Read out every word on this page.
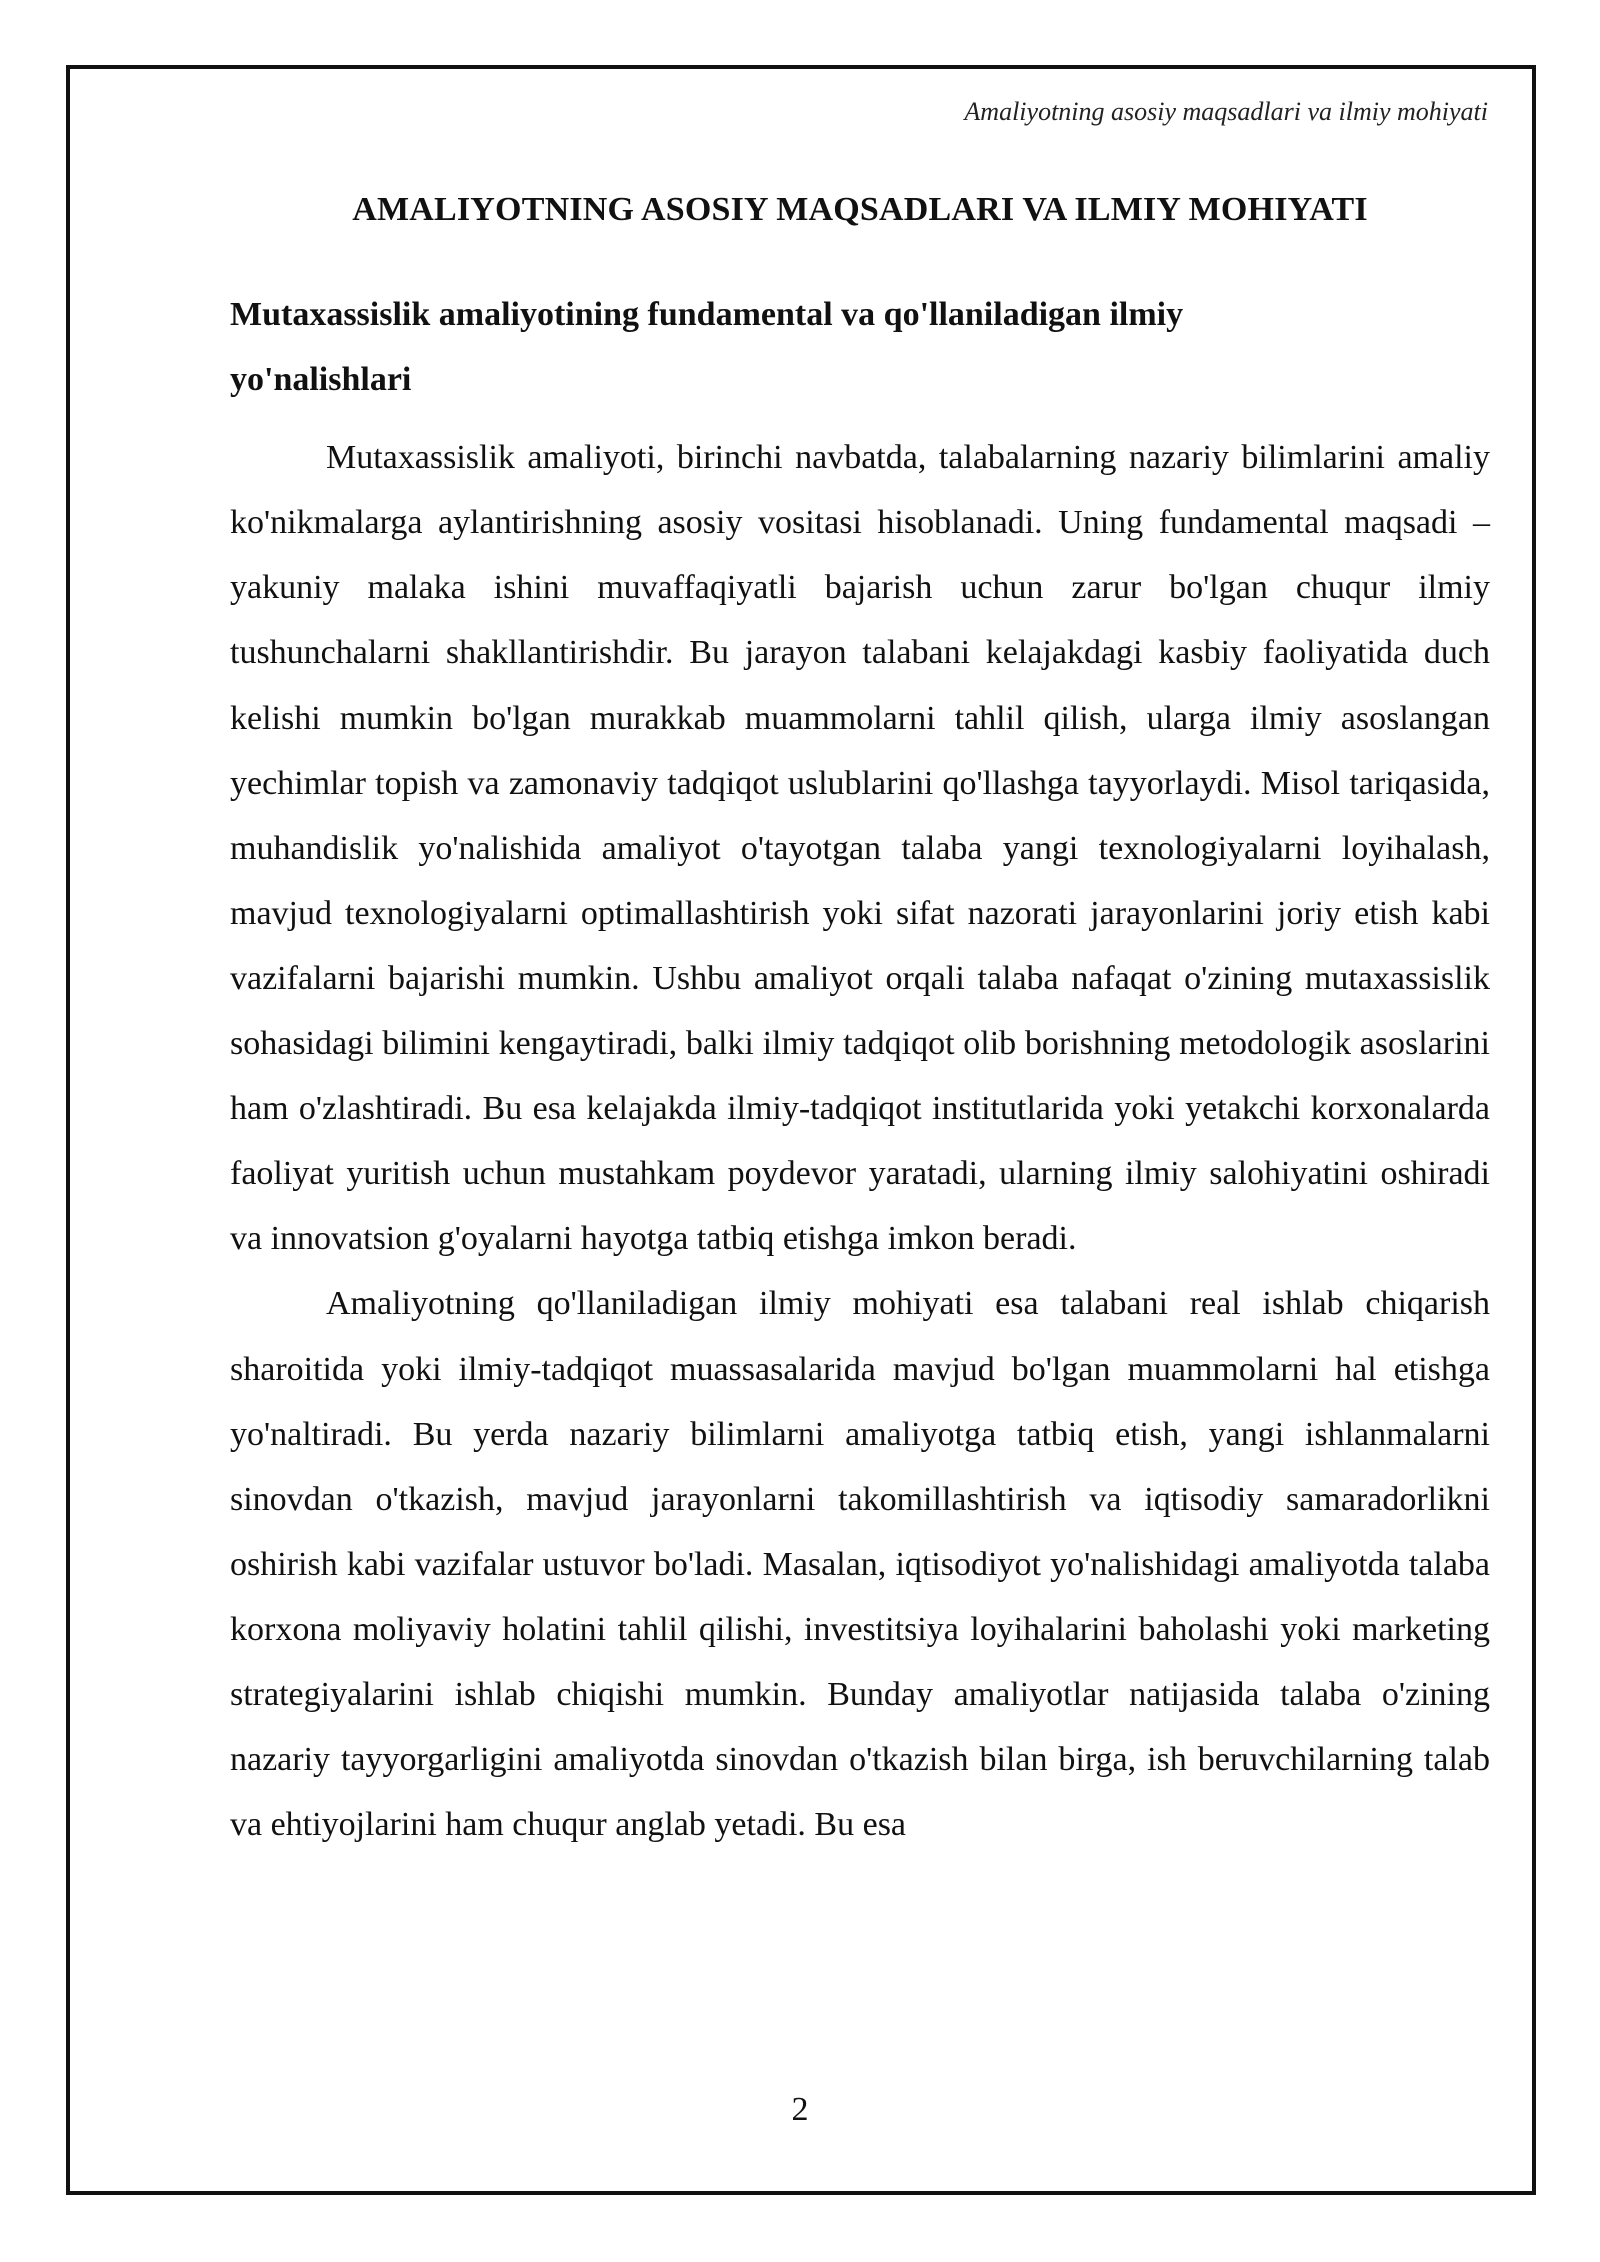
Amaliyotning asosiy maqsadlari va ilmiy mohiyati
AMALIYOTNING ASOSIY MAQSADLARI VA ILMIY MOHIYATI
Mutaxassislik amaliyotining fundamental va qo'llaniladigan ilmiy yo'nalishlari

Mutaxassislik amaliyoti, birinchi navbatda, talabalarning nazariy bilimlarini amaliy ko'nikmalarga aylantirishning asosiy vositasi hisoblanadi. Uning fundamental maqsadi – yakuniy malaka ishini muvaffaqiyatli bajarish uchun zarur bo'lgan chuqur ilmiy tushunchalarni shakllantirishdir. Bu jarayon talabani kelajakdagi kasbiy faoliyatida duch kelishi mumkin bo'lgan murakkab muammolarni tahlil qilish, ularga ilmiy asoslangan yechimlar topish va zamonaviy tadqiqot uslublarini qo'llashga tayyorlaydi. Misol tariqasida, muhandislik yo'nalishida amaliyot o'tayotgan talaba yangi texnologiyalarni loyihalash, mavjud texnologiyalarni optimallashtirish yoki sifat nazorati jarayonlarini joriy etish kabi vazifalarni bajarishi mumkin. Ushbu amaliyot orqali talaba nafaqat o'zining mutaxassislik sohasidagi bilimini kengaytiradi, balki ilmiy tadqiqot olib borishning metodologik asoslarini ham o'zlashtiradi. Bu esa kelajakda ilmiy-tadqiqot institutlarida yoki yetakchi korxonalarda faoliyat yuritish uchun mustahkam poydevor yaratadi, ularning ilmiy salohiyatini oshiradi va innovatsion g'oyalarni hayotga tatbiq etishga imkon beradi.

Amaliyotning qo'llaniladigan ilmiy mohiyati esa talabani real ishlab chiqarish sharoitida yoki ilmiy-tadqiqot muassasalarida mavjud bo'lgan muammolarni hal etishga yo'naltiradi. Bu yerda nazariy bilimlarni amaliyotga tatbiq etish, yangi ishlanmalarni sinovdan o'tkazish, mavjud jarayonlarni takomillashtirish va iqtisodiy samaradorlikni oshirish kabi vazifalar ustuvor bo'ladi. Masalan, iqtisodiyot yo'nalishidagi amaliyotda talaba korxona moliyaviy holatini tahlil qilishi, investitsiya loyihalarini baholashi yoki marketing strategiyalarini ishlab chiqishi mumkin. Bunday amaliyotlar natijasida talaba o'zining nazariy tayyorgarligini amaliyotda sinovdan o'tkazish bilan birga, ish beruvchilarning talab va ehtiyojlarini ham chuqur anglab yetadi. Bu esa

2
